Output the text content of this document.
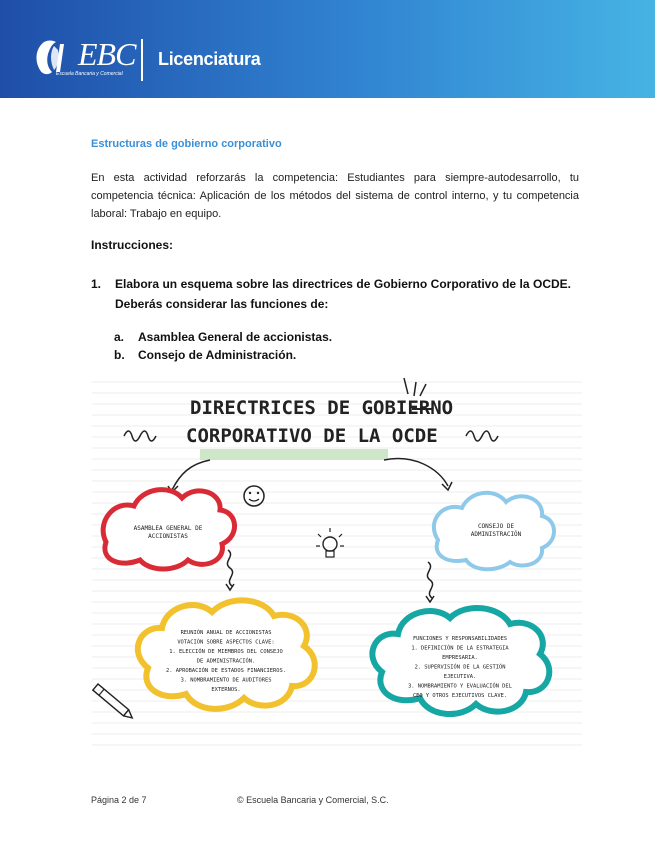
EBC
Escuela Bancaria y Comercial
Licenciatura
Estructuras de gobierno corporativo
En esta actividad reforzarás la competencia: Estudiantes para siempre-autodesarrollo, tu competencia técnica: Aplicación de los métodos del sistema de control interno, y tu competencia laboral: Trabajo en equipo.
Instrucciones:
1. Elabora un esquema sobre las directrices de Gobierno Corporativo de la OCDE. Deberás considerar las funciones de:
a. Asamblea General de accionistas.
b. Consejo de Administración.
DIRECTRICES DE GOBIERNO
CORPORATIVO DE LA OCDE
ASAMBLEA GENERAL DE
ACCIONISTAS
CONSEJO DE
ADMINISTRACIÓN
REUNIÓN ANUAL DE ACCIONISTAS
VOTACIÓN SOBRE ASPECTOS CLAVE:
1. ELECCIÓN DE MIEMBROS DEL CONSEJO
DE ADMINISTRACIÓN.
2. APROBACIÓN DE ESTADOS FINANCIEROS.
3. NOMBRAMIENTO DE AUDITORES
EXTERNOS.
FUNCIONES Y RESPONSABILIDADES
1. DEFINICIÓN DE LA ESTRATEGIA
EMPRESARIA.
2. SUPERVISIÓN DE LA GESTIÓN
EJECUTIVA.
3. NOMBRAMIENTO Y EVALUACIÓN DEL
CEO Y OTROS EJECUTIVOS CLAVE.
Página 2 de 7	© Escuela Bancaria y Comercial, S.C.
